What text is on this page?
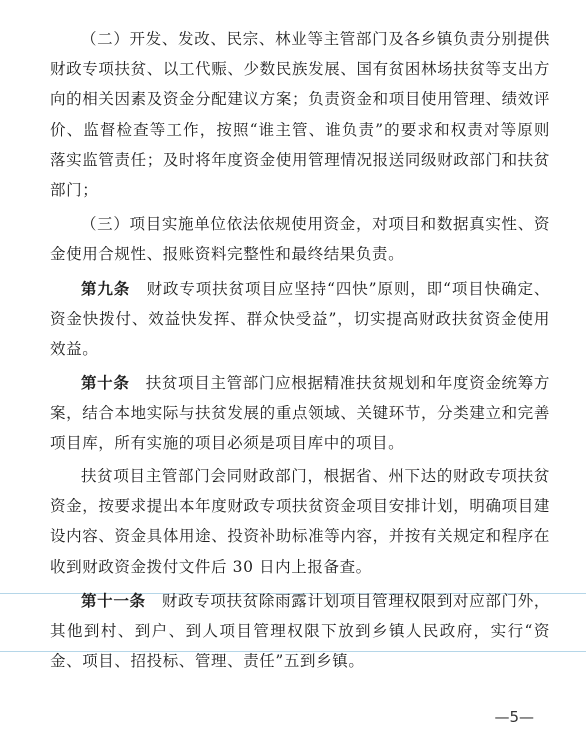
（二）开发、发改、民宗、林业等主管部门及各乡镇负责分别提供财政专项扶贫、以工代赈、少数民族发展、国有贫困林场扶贫等支出方向的相关因素及资金分配建议方案；负责资金和项目使用管理、绩效评价、监督检查等工作，按照“谁主管、谁负责”的要求和权责对等原则落实监管责任；及时将年度资金使用管理情况报送同级财政部门和扶贫部门；

（三）项目实施单位依法依规使用资金，对项目和数据真实性、资金使用合规性、报账资料完整性和最终结果负责。

第九条　财政专项扶贫项目应坚持“四快”原则，即“项目快确定、资金快拨付、效益快发挥、群众快受益”，切实提高财政扶贫资金使用效益。

第十条　扶贫项目主管部门应根据精准扶贫规划和年度资金统筹方案，结合本地实际与扶贫发展的重点领域、关键环节，分类建立和完善项目库，所有实施的项目必须是项目库中的项目。

扶贫项目主管部门会同财政部门，根据省、州下达的财政专项扶贫资金，按要求提出本年度财政专项扶贫资金项目安排计划，明确项目建设内容、资金具体用途、投资补助标准等内容，并按有关规定和程序在收到财政资金拨付文件后 30 日内上报备查。

第十一条　财政专项扶贫除雨露计划项目管理权限到对应部门外，其他到村、到户、到人项目管理权限下放到乡镇人民政府，实行“资金、项目、招投标、管理、责任”五到乡镇。

—5—
